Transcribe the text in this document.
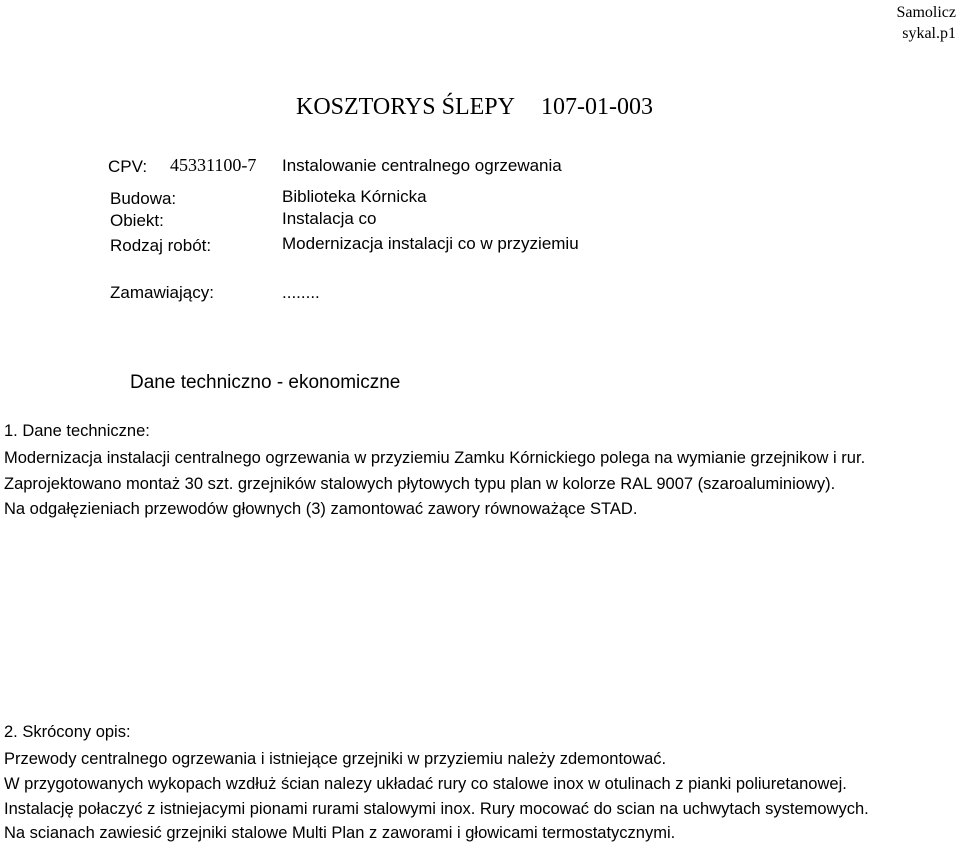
Samolicz
sykal.p1
KOSZTORYS ŚLEPY 107-01-003
CPV: 45331100-7 Instalowanie centralnego ogrzewania
Budowa:	Biblioteka Kórnicka
Obiekt:	Instalacja co
Rodzaj robót:	Modernizacja instalacji co w przyziemiu
Zamawiający:	........
Dane techniczno - ekonomiczne
1. Dane techniczne:
Modernizacja instalacji centralnego ogrzewania w przyziemiu Zamku Kórnickiego polega na wymianie grzejnikow i rur.
Zaprojektowano montaż 30 szt. grzejników stalowych płytowych typu plan w kolorze RAL 9007 (szaroaluminiowy).
Na odgałęzieniach przewodów głownych (3) zamontować zawory równoważące STAD.
2. Skrócony opis:
Przewody centralnego ogrzewania i istniejące grzejniki w przyziemiu należy zdemontować.
W przygotowanych wykopach wzdłuż ścian nalezy układać rury co stalowe inox w otulinach z pianki poliuretanowej.
Instalację połaczyć z istniejacymi pionami rurami stalowymi inox. Rury mocować do scian na uchwytach systemowych.
Na scianach zawiesić grzejniki stalowe Multi Plan z zaworami i głowicami termostatycznymi.
